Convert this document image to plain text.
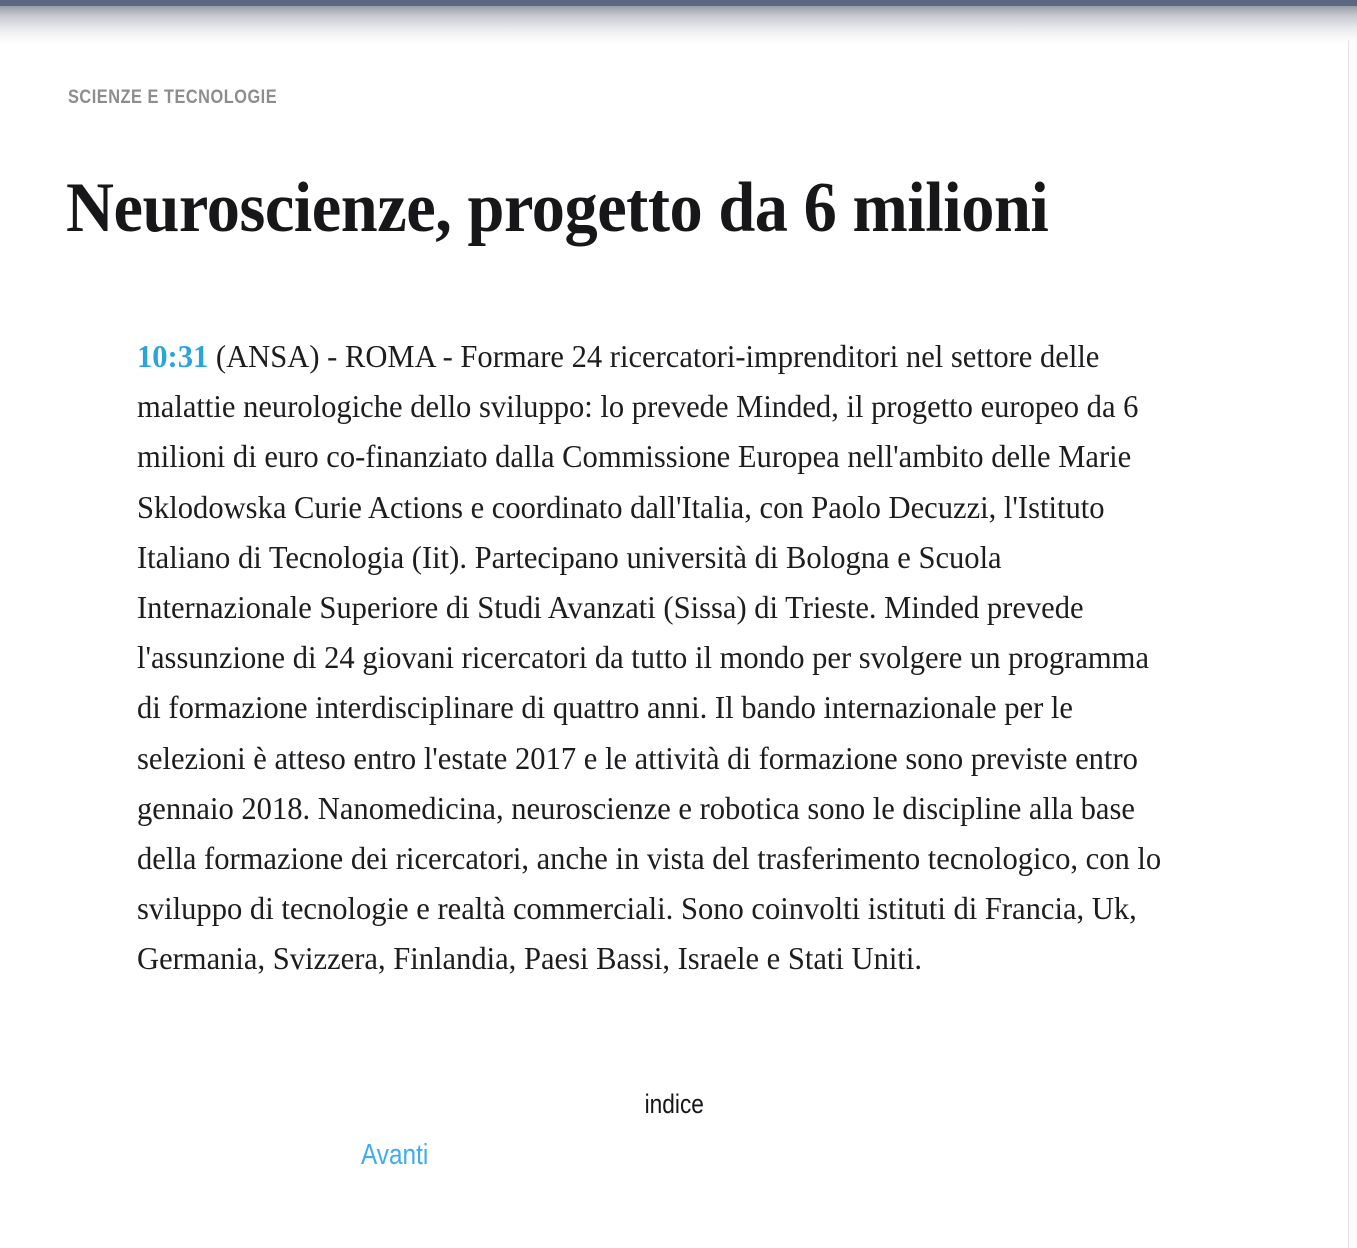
SCIENZE E TECNOLOGIE
Neuroscienze, progetto da 6 milioni

10:31 (ANSA) - ROMA - Formare 24 ricercatori-imprenditori nel settore delle malattie neurologiche dello sviluppo: lo prevede Minded, il progetto europeo da 6 milioni di euro co-finanziato dalla Commissione Europea nell'ambito delle Marie Sklodowska Curie Actions e coordinato dall'Italia, con Paolo Decuzzi, l'Istituto Italiano di Tecnologia (Iit). Partecipano università di Bologna e Scuola Internazionale Superiore di Studi Avanzati (Sissa) di Trieste. Minded prevede l'assunzione di 24 giovani ricercatori da tutto il mondo per svolgere un programma di formazione interdisciplinare di quattro anni. Il bando internazionale per le selezioni è atteso entro l'estate 2017 e le attività di formazione sono previste entro gennaio 2018. Nanomedicina, neuroscienze e robotica sono le discipline alla base della formazione dei ricercatori, anche in vista del trasferimento tecnologico, con lo sviluppo di tecnologie e realtà commerciali. Sono coinvolti istituti di Francia, Uk, Germania, Svizzera, Finlandia, Paesi Bassi, Israele e Stati Uniti.

indice
Avanti
